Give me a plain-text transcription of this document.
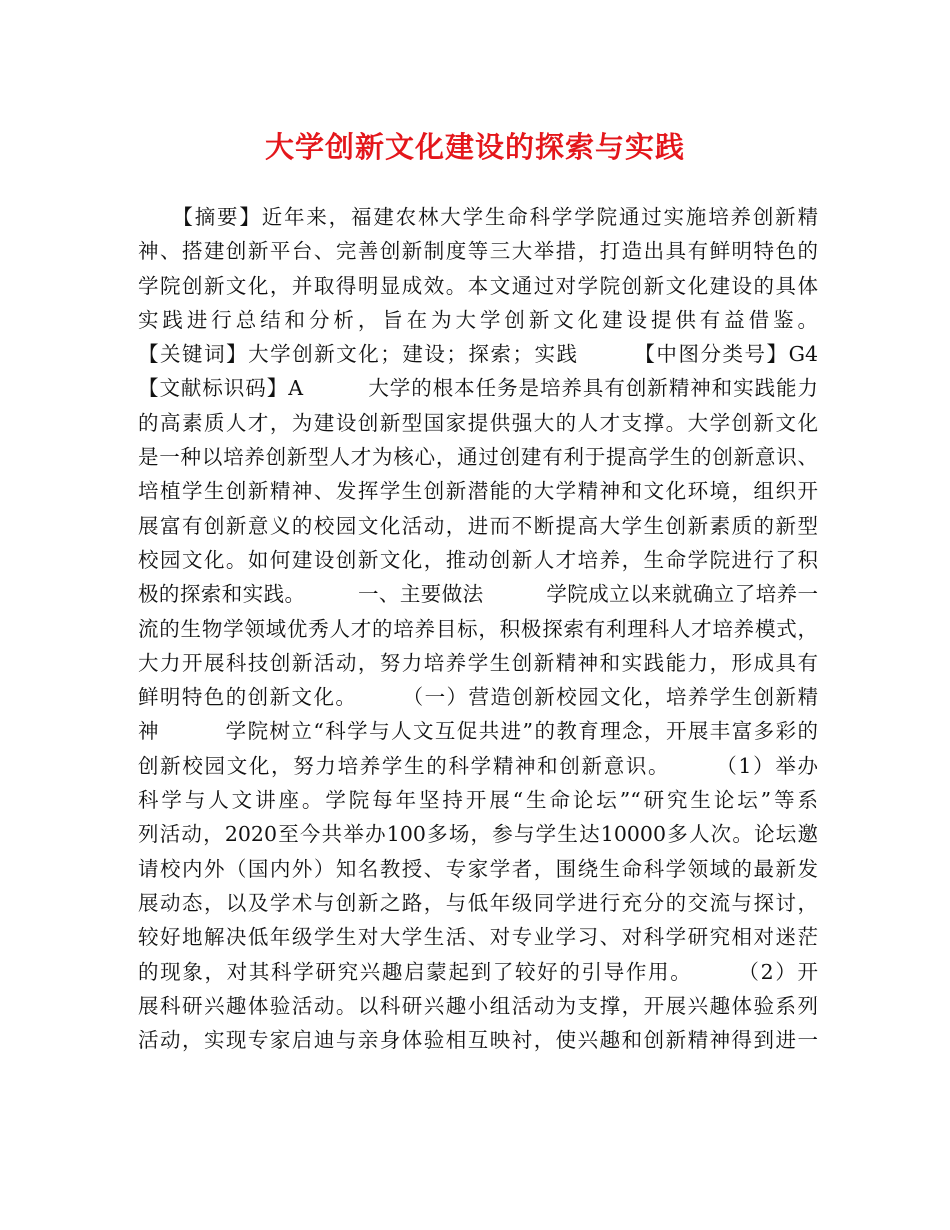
大学创新文化建设的探索与实践
　　【摘要】近年来，福建农林大学生命科学学院通过实施培养创新精
神、搭建创新平台、完善创新制度等三大举措，打造出具有鲜明特色的
学院创新文化，并取得明显成效。本文通过对学院创新文化建设的具体
实践进行总结和分析，旨在为大学创新文化建设提供有益借鉴。
【关键词】大学创新文化；建设；探索；实践　　　【中图分类号】G4
【文献标识码】A　　　大学的根本任务是培养具有创新精神和实践能力
的高素质人才，为建设创新型国家提供强大的人才支撑。大学创新文化
是一种以培养创新型人才为核心，通过创建有利于提高学生的创新意识、
培植学生创新精神、发挥学生创新潜能的大学精神和文化环境，组织开
展富有创新意义的校园文化活动，进而不断提高大学生创新素质的新型
校园文化。如何建设创新文化，推动创新人才培养，生命学院进行了积
极的探索和实践。　　　一、主要做法　　　学院成立以来就确立了培养一
流的生物学领域优秀人才的培养目标，积极探索有利理科人才培养模式，
大力开展科技创新活动，努力培养学生创新精神和实践能力，形成具有
鲜明特色的创新文化。　　　（一）营造创新校园文化，培养学生创新精
神　　　学院树立“科学与人文互促共进”的教育理念，开展丰富多彩的
创新校园文化，努力培养学生的科学精神和创新意识。　　　（1）举办
科学与人文讲座。学院每年坚持开展“生命论坛”“研究生论坛”等系
列活动，2020至今共举办100多场，参与学生达10000多人次。论坛邀
请校内外（国内外）知名教授、专家学者，围绕生命科学领域的最新发
展动态，以及学术与创新之路，与低年级同学进行充分的交流与探讨，
较好地解决低年级学生对大学生活、对专业学习、对科学研究相对迷茫
的现象，对其科学研究兴趣启蒙起到了较好的引导作用。　　　（2）开
展科研兴趣体验活动。以科研兴趣小组活动为支撑，开展兴趣体验系列
活动，实现专家启迪与亲身体验相互映衬，使兴趣和创新精神得到进一
